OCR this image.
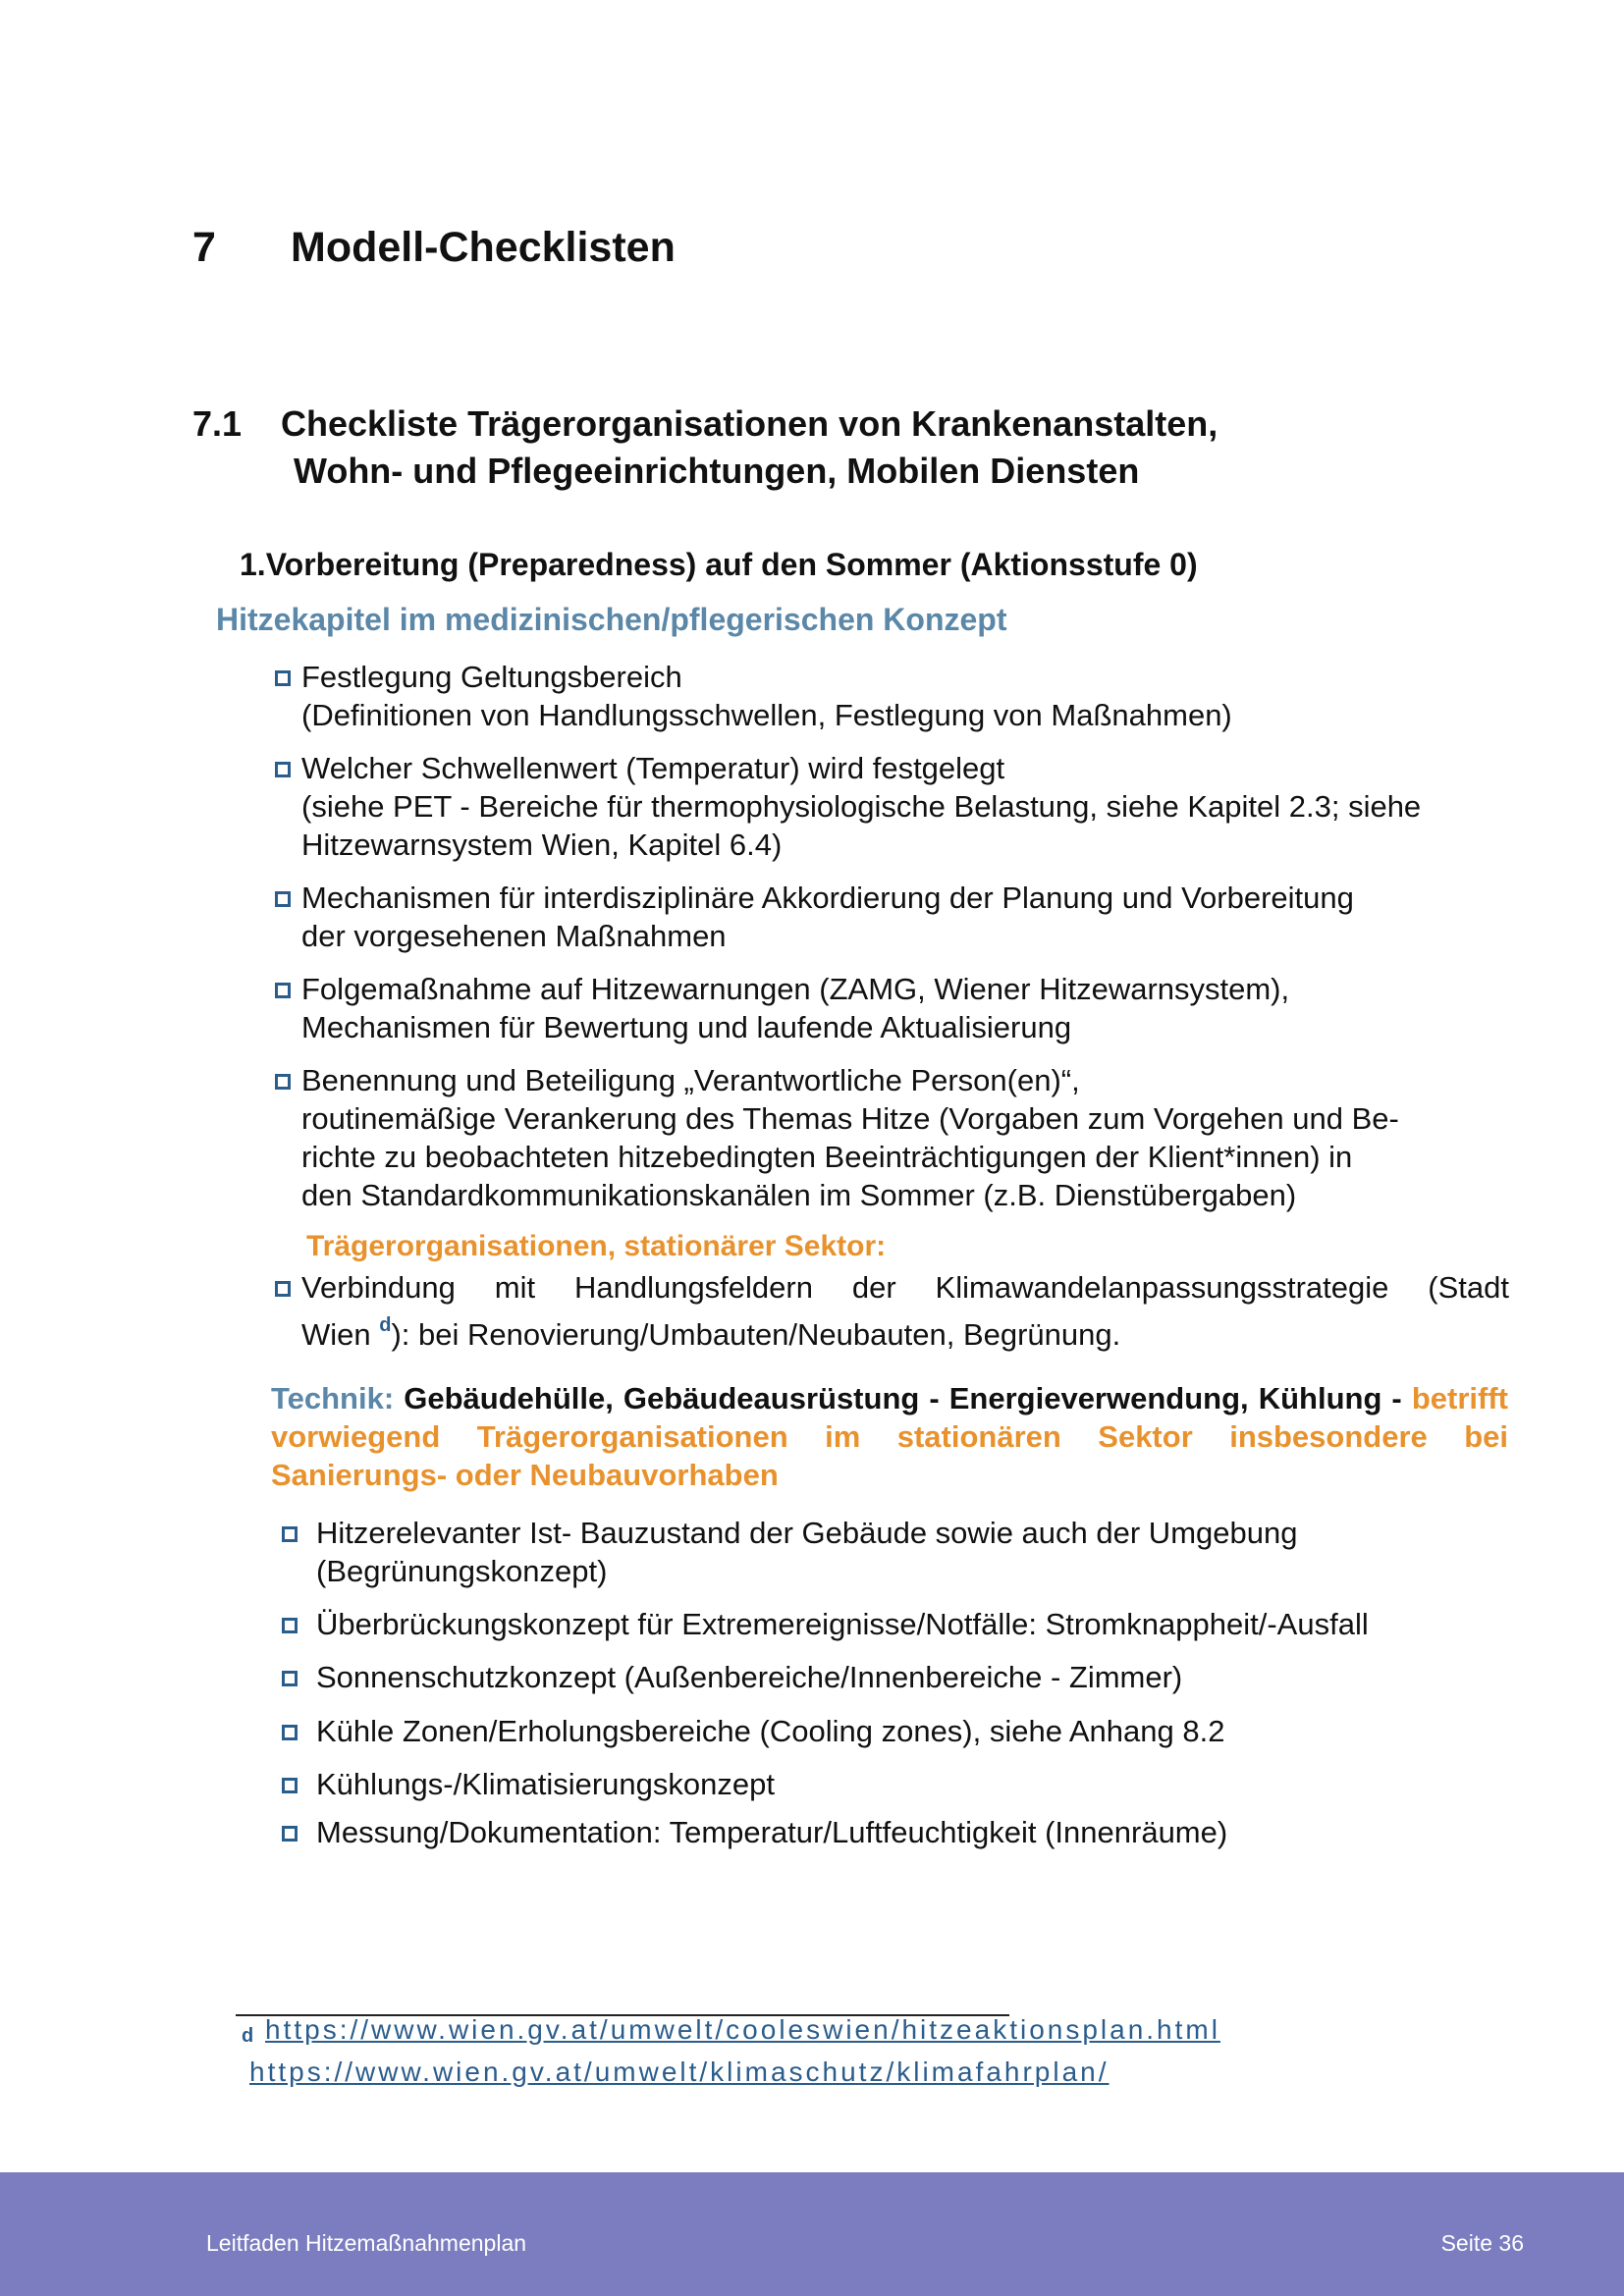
7 Modell-Checklisten
7.1 Checkliste Trägerorganisationen von Krankenanstalten,
Wohn- und Pflegeeinrichtungen, Mobilen Diensten
1.Vorbereitung (Preparedness) auf den Sommer (Aktionsstufe 0)
Hitzekapitel im medizinischen/pflegerischen Konzept
Festlegung Geltungsbereich
(Definitionen von Handlungsschwellen, Festlegung von Maßnahmen)
Welcher Schwellenwert (Temperatur) wird festgelegt
(siehe PET - Bereiche für thermophysiologische Belastung, siehe Kapitel 2.3; siehe
Hitzewarnsystem Wien, Kapitel 6.4)
Mechanismen für interdisziplinäre Akkordierung der Planung und Vorbereitung
der vorgesehenen Maßnahmen
Folgemaßnahme auf Hitzewarnungen (ZAMG, Wiener Hitzewarnsystem),
Mechanismen für Bewertung und laufende Aktualisierung
Benennung und Beteiligung „Verantwortliche Person(en)“,
routinemäßige Verankerung des Themas Hitze (Vorgaben zum Vorgehen und Be-
richte zu beobachteten hitzebedingten Beeinträchtigungen der Klient*innen) in
den Standardkommunikationskanälen im Sommer (z.B. Dienstübergaben)
Trägerorganisationen, stationärer Sektor:
Verbindung mit Handlungsfeldern der Klimawandelanpassungsstrategie (Stadt
Wien $^d$): bei Renovierung/Umbauten/Neubauten, Begrünung.
Technik: Gebäudehülle, Gebäudeausrüstung - Energieverwendung, Kühlung - betrifft vorwiegend Trägerorganisationen im stationären Sektor insbesondere bei Sanierungs- oder Neubauvorhaben
Hitzerelevanter Ist- Bauzustand der Gebäude sowie auch der Umgebung
(Begrünungskonzept)
Überbrückungskonzept für Extremereignisse/Notfälle: Stromknappheit/-Ausfall
Sonnenschutzkonzept (Außenbereiche/Innenbereiche - Zimmer)
Kühle Zonen/Erholungsbereiche (Cooling zones), siehe Anhang 8.2
Kühlungs-/Klimatisierungskonzept
Messung/Dokumentation: Temperatur/Luftfeuchtigkeit (Innenräume)
d https://www.wien.gv.at/umwelt/cooleswien/hitzeaktionsplan.html
https://www.wien.gv.at/umwelt/klimaschutz/klimafahrplan/
Leitfaden Hitzemaßnahmenplan	Seite 36
